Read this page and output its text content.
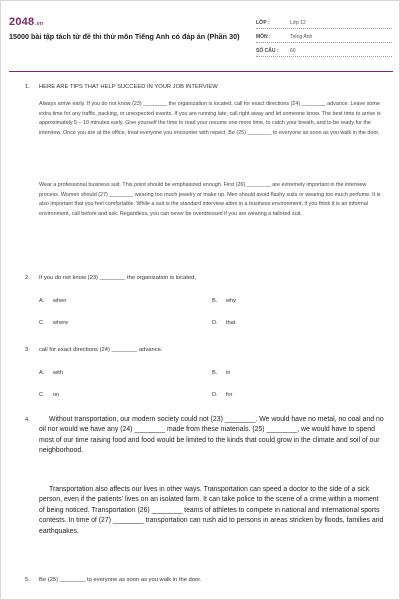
2048.vn
15000 bài tập tách từ đề thi thử môn Tiếng Anh có đáp án (Phần 30)
LỚP :	Lớp 12
MÔN :	Tiếng Anh
SỐ CÂU :	60
1. HERE ARE TIPS THAT HELP SUCCEED IN YOUR JOB INTERVIEW
Always arrive early. If you do not know (23) ________ the organization is located, call for exact directions (24) ________ advance. Leave some extra time for any traffic, packing, or unexpected events. If you are running late, call right away and let someone know. The best time to arrive is approximately 5 – 10 minutes early. Give yourself the time to read your resume one more time, to catch your breath, and to be ready for the interview. Once you are at the office, treat everyone you encounter with repect. Be (25) ________ to everyone as soon as you walk in the door.
Wear a professional business suit. This point should be emphasized enough. First (26) ________ are extremely important in the interview process. Women should (27) ________ wearing too much jewelry or make up. Men should avoid flashy suits or wearing too much perfume. It is also important that you feel comfortable. While a suit is the standard interview attire in a business environment, if you think it is an informal environment, call before and ask. Regardless, you can never be overdressed if you are wearing a tailored suit.
2. If you do not know (23) ________ the organization is located,
A. when	B. why
C. where	D. that
3. call for exact directions (24) ________ advance.
A. with	B. in
C. on	D. for
4.	Without transportation, our modern society could not (23) ________. We would have no metal, no coal and no oil nor would we have any (24) ________ made from these materials. (25) ________, we would have to spend most of our time raising food and food would be limited to the kinds that could grow in the climate and soil of our neighborhood.
Transportation also affects our lives in other ways. Transportation can speed a doctor to the side of a sick person, even if the patients' lives on an isolated farm. It can take police to the scene of a crime within a moment of being noticed. Transportation (26) ________ teams of athletes to compete in national and international sports contests. In time of (27) ________ transportation can rush aid to persons in areas stricken by floods, families and earthquakes.
5. Be (25) ________ to everyone as soon as you walk in the door.
